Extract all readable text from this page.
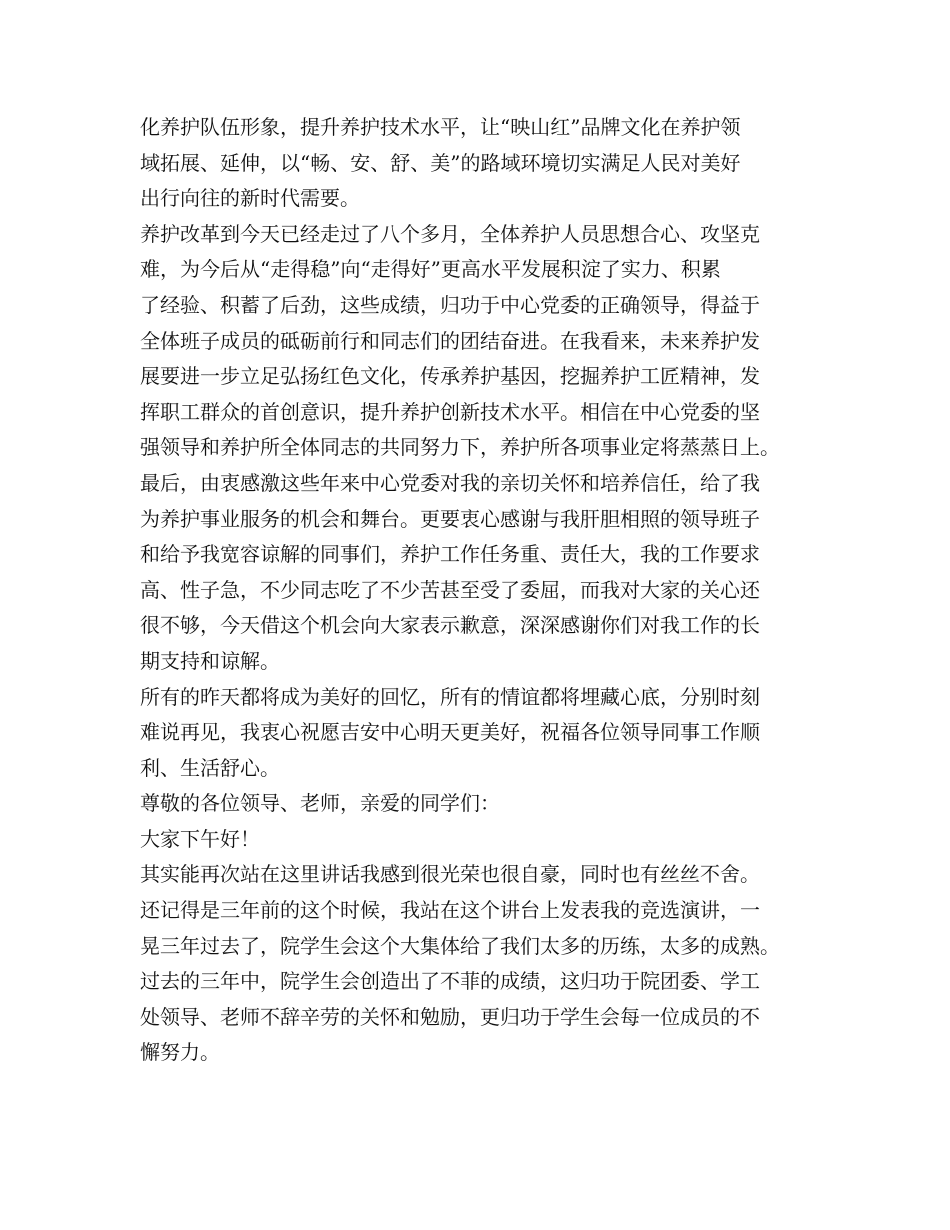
化养护队伍形象，提升养护技术水平，让“映山红”品牌文化在养护领
域拓展、延伸，以“畅、安、舒、美”的路域环境切实满足人民对美好
出行向往的新时代需要。
养护改革到今天已经走过了八个多月，全体养护人员思想合心、攻坚克
难，为今后从“走得稳”向“走得好”更高水平发展积淀了实力、积累
了经验、积蓄了后劲，这些成绩，归功于中心党委的正确领导，得益于
全体班子成员的砥砺前行和同志们的团结奋进。在我看来，未来养护发
展要进一步立足弘扬红色文化，传承养护基因，挖掘养护工匠精神，发
挥职工群众的首创意识，提升养护创新技术水平。相信在中心党委的坚
强领导和养护所全体同志的共同努力下，养护所各项事业定将蒸蒸日上。
最后，由衷感激这些年来中心党委对我的亲切关怀和培养信任，给了我
为养护事业服务的机会和舞台。更要衷心感谢与我肝胆相照的领导班子
和给予我宽容谅解的同事们，养护工作任务重、责任大，我的工作要求
高、性子急，不少同志吃了不少苦甚至受了委屈，而我对大家的关心还
很不够，今天借这个机会向大家表示歉意，深深感谢你们对我工作的长
期支持和谅解。
所有的昨天都将成为美好的回忆，所有的情谊都将埋藏心底，分别时刻
难说再见，我衷心祝愿吉安中心明天更美好，祝福各位领导同事工作顺
利、生活舒心。
尊敬的各位领导、老师，亲爱的同学们：
大家下午好！
其实能再次站在这里讲话我感到很光荣也很自豪，同时也有丝丝不舍。
还记得是三年前的这个时候，我站在这个讲台上发表我的竞选演讲，一
晃三年过去了，院学生会这个大集体给了我们太多的历练，太多的成熟。
过去的三年中，院学生会创造出了不菲的成绩，这归功于院团委、学工
处领导、老师不辞辛劳的关怀和勉励，更归功于学生会每一位成员的不
懈努力。
